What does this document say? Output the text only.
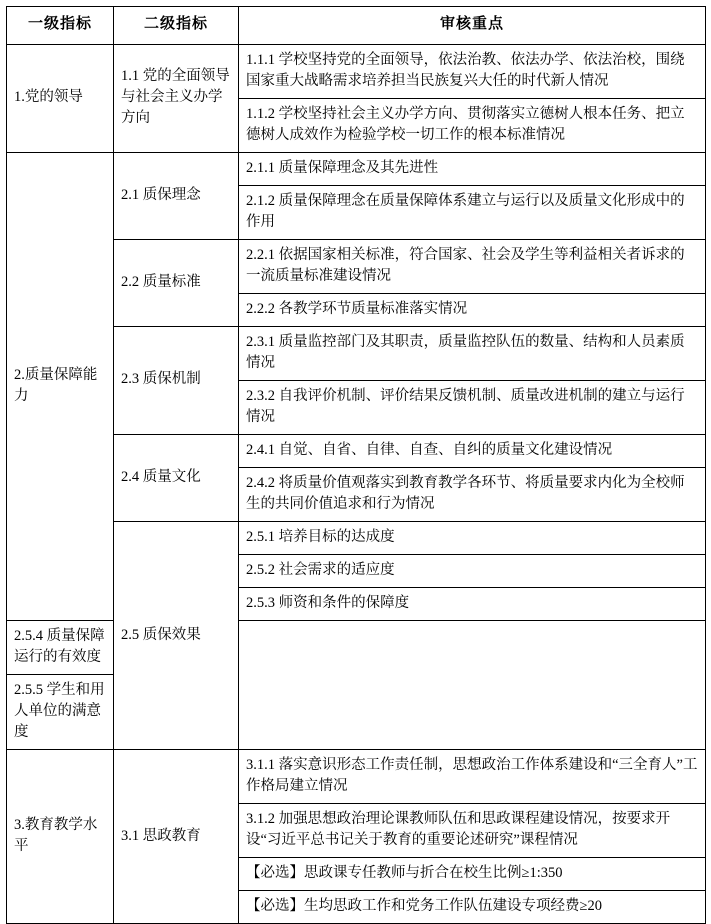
一级指标	二级指标	审核重点
1.党的领导	1.1 党的全面领导与社会主义办学方向	1.1.1 学校坚持党的全面领导，依法治教、依法办学、依法治校，围绕国家重大战略需求培养担当民族复兴大任的时代新人情况
		1.1.2 学校坚持社会主义办学方向、贯彻落实立德树人根本任务、把立德树人成效作为检验学校一切工作的根本标准情况
2.质量保障能力	2.1 质保理念	2.1.1 质量保障理念及其先进性
		2.1.2 质量保障理念在质量保障体系建立与运行以及质量文化形成中的作用
	2.2 质量标准	2.2.1 依据国家相关标准，符合国家、社会及学生等利益相关者诉求的一流质量标准建设情况
		2.2.2 各教学环节质量标准落实情况
	2.3 质保机制	2.3.1 质量监控部门及其职责，质量监控队伍的数量、结构和人员素质情况
		2.3.2 自我评价机制、评价结果反馈机制、质量改进机制的建立与运行情况
	2.4 质量文化	2.4.1 自觉、自省、自律、自查、自纠的质量文化建设情况
		2.4.2 将质量价值观落实到教育教学各环节、将质量要求内化为全校师生的共同价值追求和行为情况
	2.5 质保效果	2.5.1 培养目标的达成度
		2.5.2 社会需求的适应度
		2.5.3 师资和条件的保障度
2.5.4 质量保障运行的有效度		
2.5.5 学生和用人单位的满意度		
3.教育教学水平	3.1 思政教育	3.1.1 落实意识形态工作责任制，思想政治工作体系建设和“三全育人”工作格局建立情况
		3.1.2 加强思想政治理论课教师队伍和思政课程建设情况，按要求开设“习近平总书记关于教育的重要论述研究”课程情况
		【必选】思政课专任教师与折合在校生比例≥1:350
		【必选】生均思政工作和党务工作队伍建设专项经费≥20
